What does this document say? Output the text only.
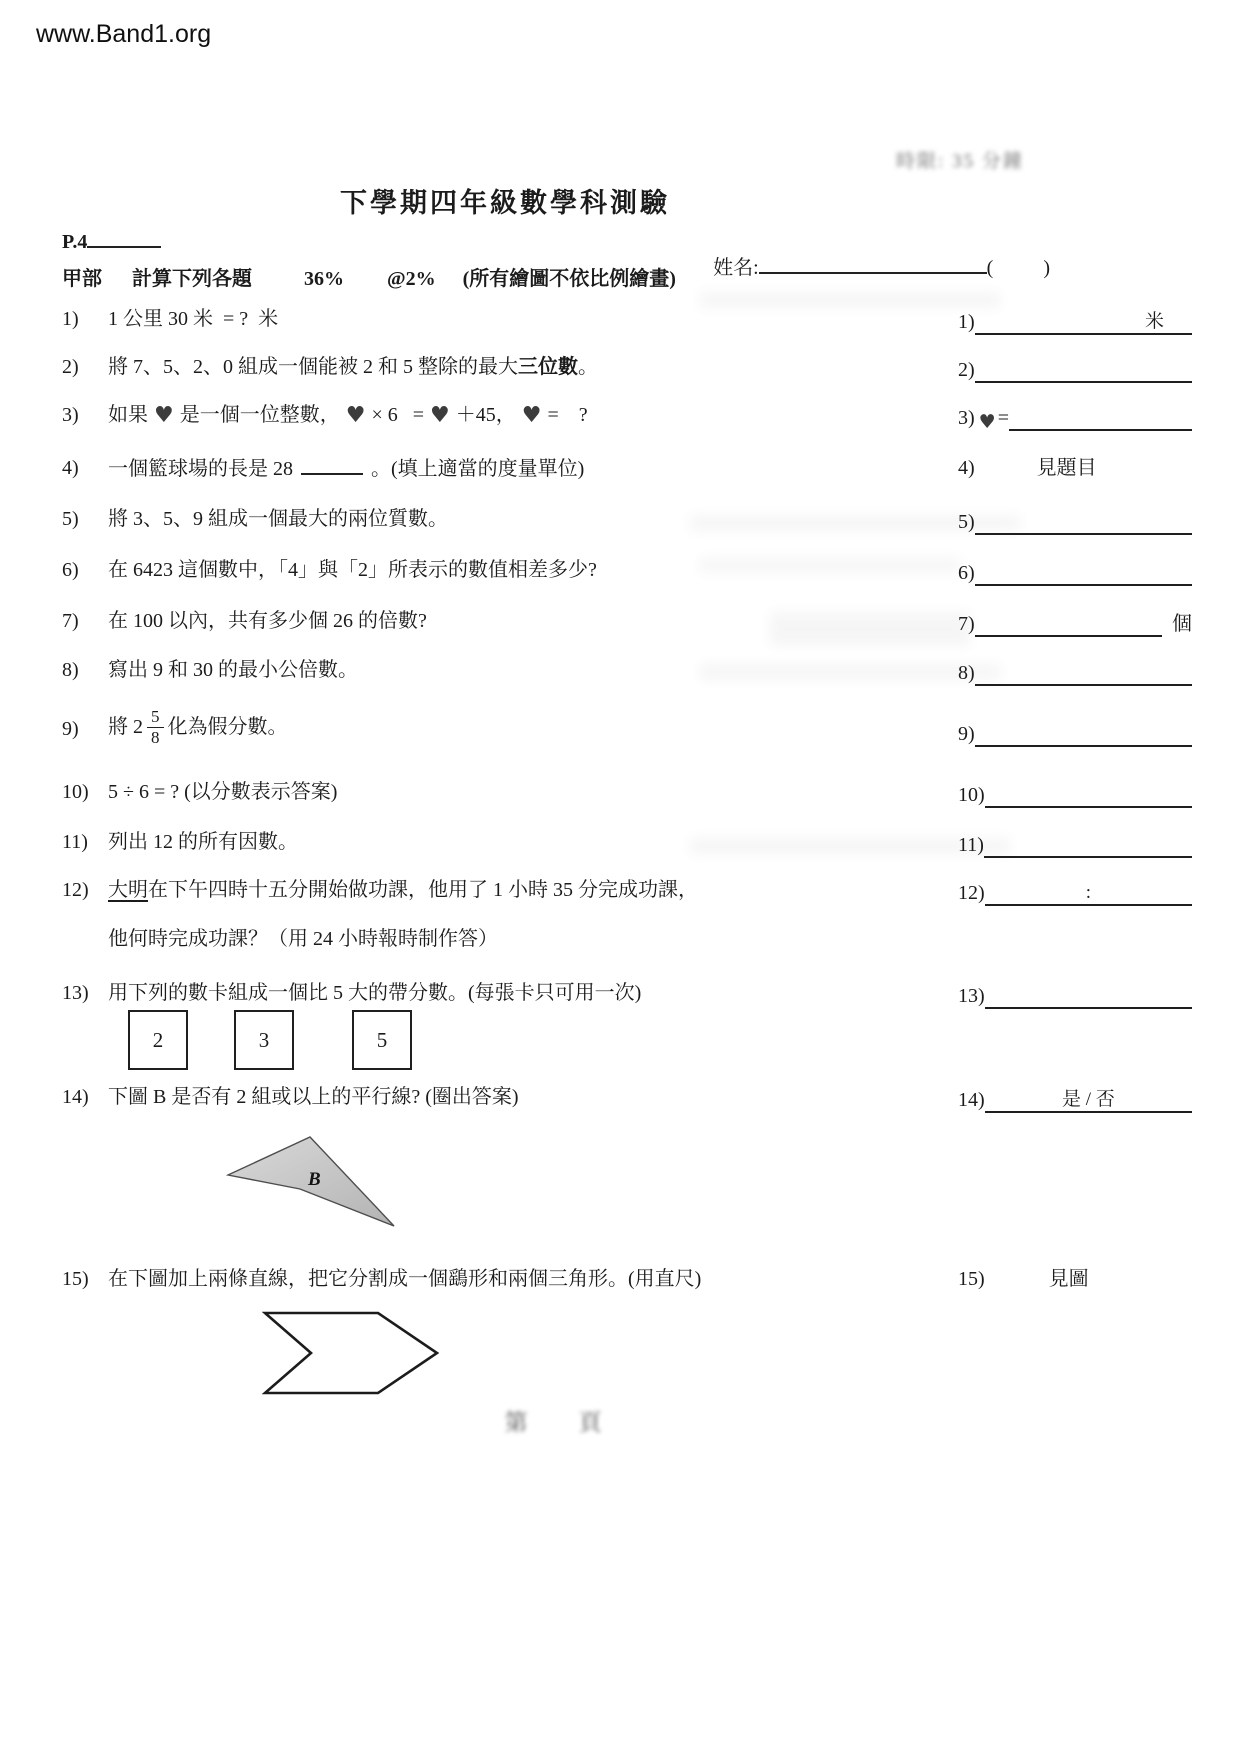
www.Band1.org
時限: 35 分鐘
下學期四年級數學科測驗
P.4

姓名:	(          )

甲部 計算下列各題	36% @2% (所有繪圖不依比例繪畫)
1)	1 公里 30 米  = ?  米	1)	米
2)	將 7、5、2、0 組成一個能被 2 和 5 整除的最大三位數。	2)
3)	如果 ♥ 是一個一位整數， ♥ × 6   = ♥ ＋45， ♥ =    ?	3) ♥ =
4)	一個籃球場的長是 28	。(填上適當的度量單位)	4)	見題目
5)	將 3、5、9 組成一個最大的兩位質數。	5)
6)	在 6423 這個數中，「4」與「2」所表示的數值相差多少?	6)
7)	在 100 以內，共有多少個 26 的倍數?	7)	個
8)	寫出 9 和 30 的最小公倍數。	8)
9)	將 $2 \frac{5}{8}$ 化為假分數。	9)
10) 5 ÷ 6 = ? (以分數表示答案)	10)
11)	列出 12 的所有因數。	11)
12) 大明在下午四時十五分開始做功課，他用了 1 小時 35 分完成功課，	12)	:
他何時完成功課？（用 24 小時報時制作答）
13) 用下列的數卡組成一個比 5 大的帶分數。(每張卡只可用一次)	13)
2	3	5
14) 下圖 B 是否有 2 組或以上的平行線? (圈出答案)	14)	是 / 否
B
15) 在下圖加上兩條直線，把它分割成一個鷂形和兩個三角形。(用直尺)	15)	見圖
第　頁
